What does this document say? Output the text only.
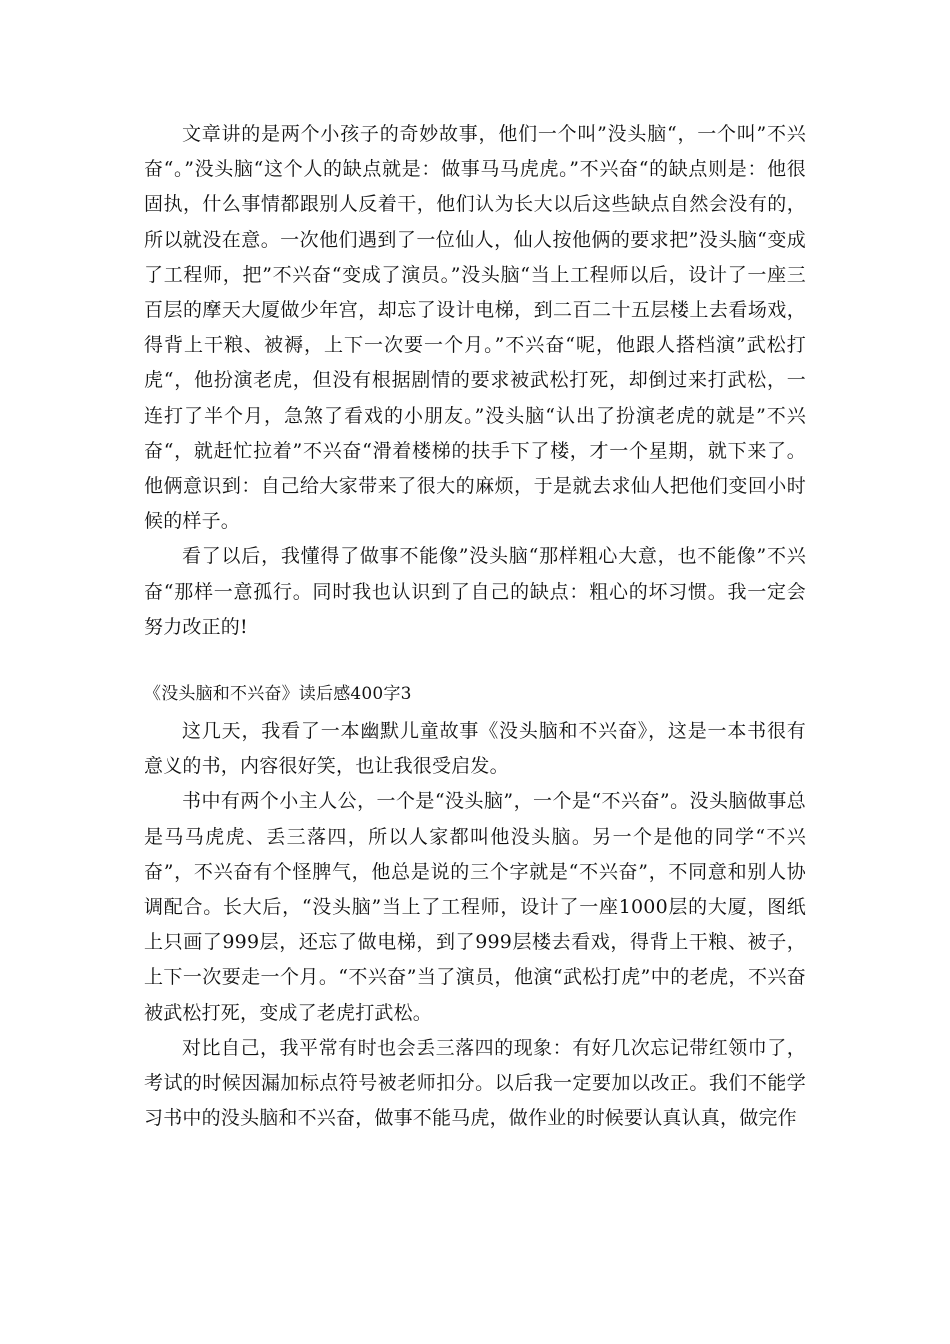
文章讲的是两个小孩子的奇妙故事，他们一个叫”没头脑“，一个叫”不兴奋“。”没头脑“这个人的缺点就是：做事马马虎虎。”不兴奋“的缺点则是：他很固执，什么事情都跟别人反着干，他们认为长大以后这些缺点自然会没有的，所以就没在意。一次他们遇到了一位仙人，仙人按他俩的要求把”没头脑“变成了工程师，把”不兴奋“变成了演员。”没头脑“当上工程师以后，设计了一座三百层的摩天大厦做少年宫，却忘了设计电梯，到二百二十五层楼上去看场戏，得背上干粮、被褥，上下一次要一个月。”不兴奋“呢，他跟人搭档演”武松打虎“，他扮演老虎，但没有根据剧情的要求被武松打死，却倒过来打武松，一连打了半个月，急煞了看戏的小朋友。”没头脑“认出了扮演老虎的就是”不兴奋“，就赶忙拉着”不兴奋“滑着楼梯的扶手下了楼，才一个星期，就下来了。他俩意识到：自己给大家带来了很大的麻烦，于是就去求仙人把他们变回小时候的样子。

看了以后，我懂得了做事不能像”没头脑“那样粗心大意，也不能像”不兴奋“那样一意孤行。同时我也认识到了自己的缺点：粗心的坏习惯。我一定会努力改正的!

《没头脑和不兴奋》读后感400字3

这几天，我看了一本幽默儿童故事《没头脑和不兴奋》，这是一本书很有意义的书，内容很好笑，也让我很受启发。

书中有两个小主人公，一个是“没头脑”，一个是“不兴奋”。没头脑做事总是马马虎虎、丢三落四，所以人家都叫他没头脑。另一个是他的同学“不兴奋”，不兴奋有个怪脾气，他总是说的三个字就是“不兴奋”，不同意和别人协调配合。长大后，“没头脑”当上了工程师，设计了一座1000层的大厦，图纸上只画了999层，还忘了做电梯，到了999层楼去看戏，得背上干粮、被子，上下一次要走一个月。“不兴奋”当了演员，他演“武松打虎”中的老虎，不兴奋被武松打死，变成了老虎打武松。

对比自己，我平常有时也会丢三落四的现象：有好几次忘记带红领巾了，考试的时候因漏加标点符号被老师扣分。以后我一定要加以改正。我们不能学习书中的没头脑和不兴奋，做事不能马虎，做作业的时候要认真认真，做完作
